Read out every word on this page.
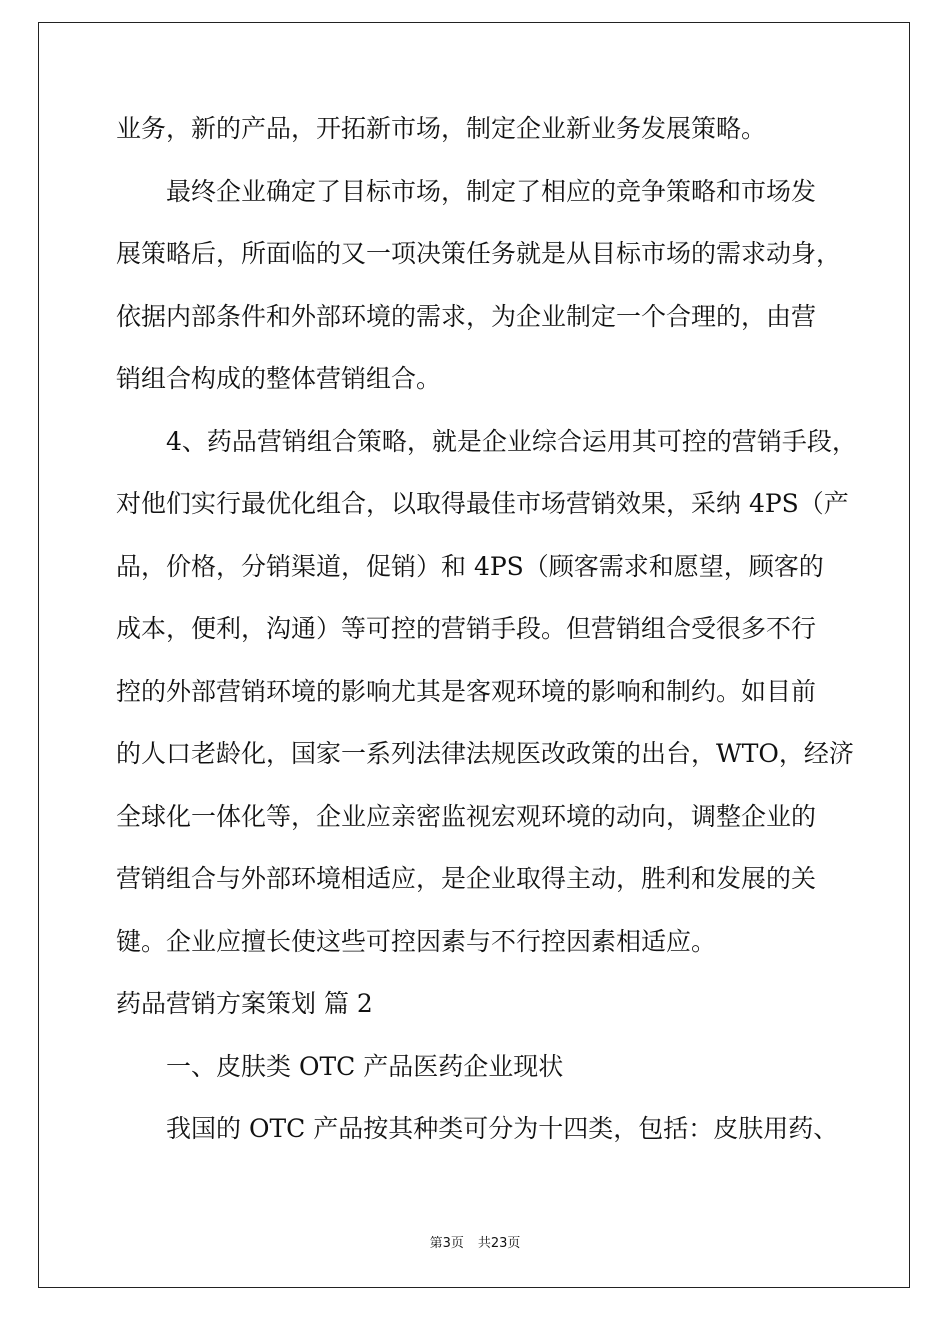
业务，新的产品，开拓新市场，制定企业新业务发展策略。
最终企业确定了目标市场，制定了相应的竞争策略和市场发
展策略后，所面临的又一项决策任务就是从目标市场的需求动身，
依据内部条件和外部环境的需求，为企业制定一个合理的，由营
销组合构成的整体营销组合。
4、药品营销组合策略，就是企业综合运用其可控的营销手段，
对他们实行最优化组合，以取得最佳市场营销效果，采纳 4PS（产
品，价格，分销渠道，促销）和 4PS（顾客需求和愿望，顾客的
成本，便利，沟通）等可控的营销手段。但营销组合受很多不行
控的外部营销环境的影响尤其是客观环境的影响和制约。如目前
的人口老龄化，国家一系列法律法规医改政策的出台，WTO，经济
全球化一体化等，企业应亲密监视宏观环境的动向，调整企业的
营销组合与外部环境相适应，是企业取得主动，胜利和发展的关
键。企业应擅长使这些可控因素与不行控因素相适应。
药品营销方案策划 篇 2
一、皮肤类 OTC 产品医药企业现状
我国的 OTC 产品按其种类可分为十四类，包括：皮肤用药、
第3页 共23页
